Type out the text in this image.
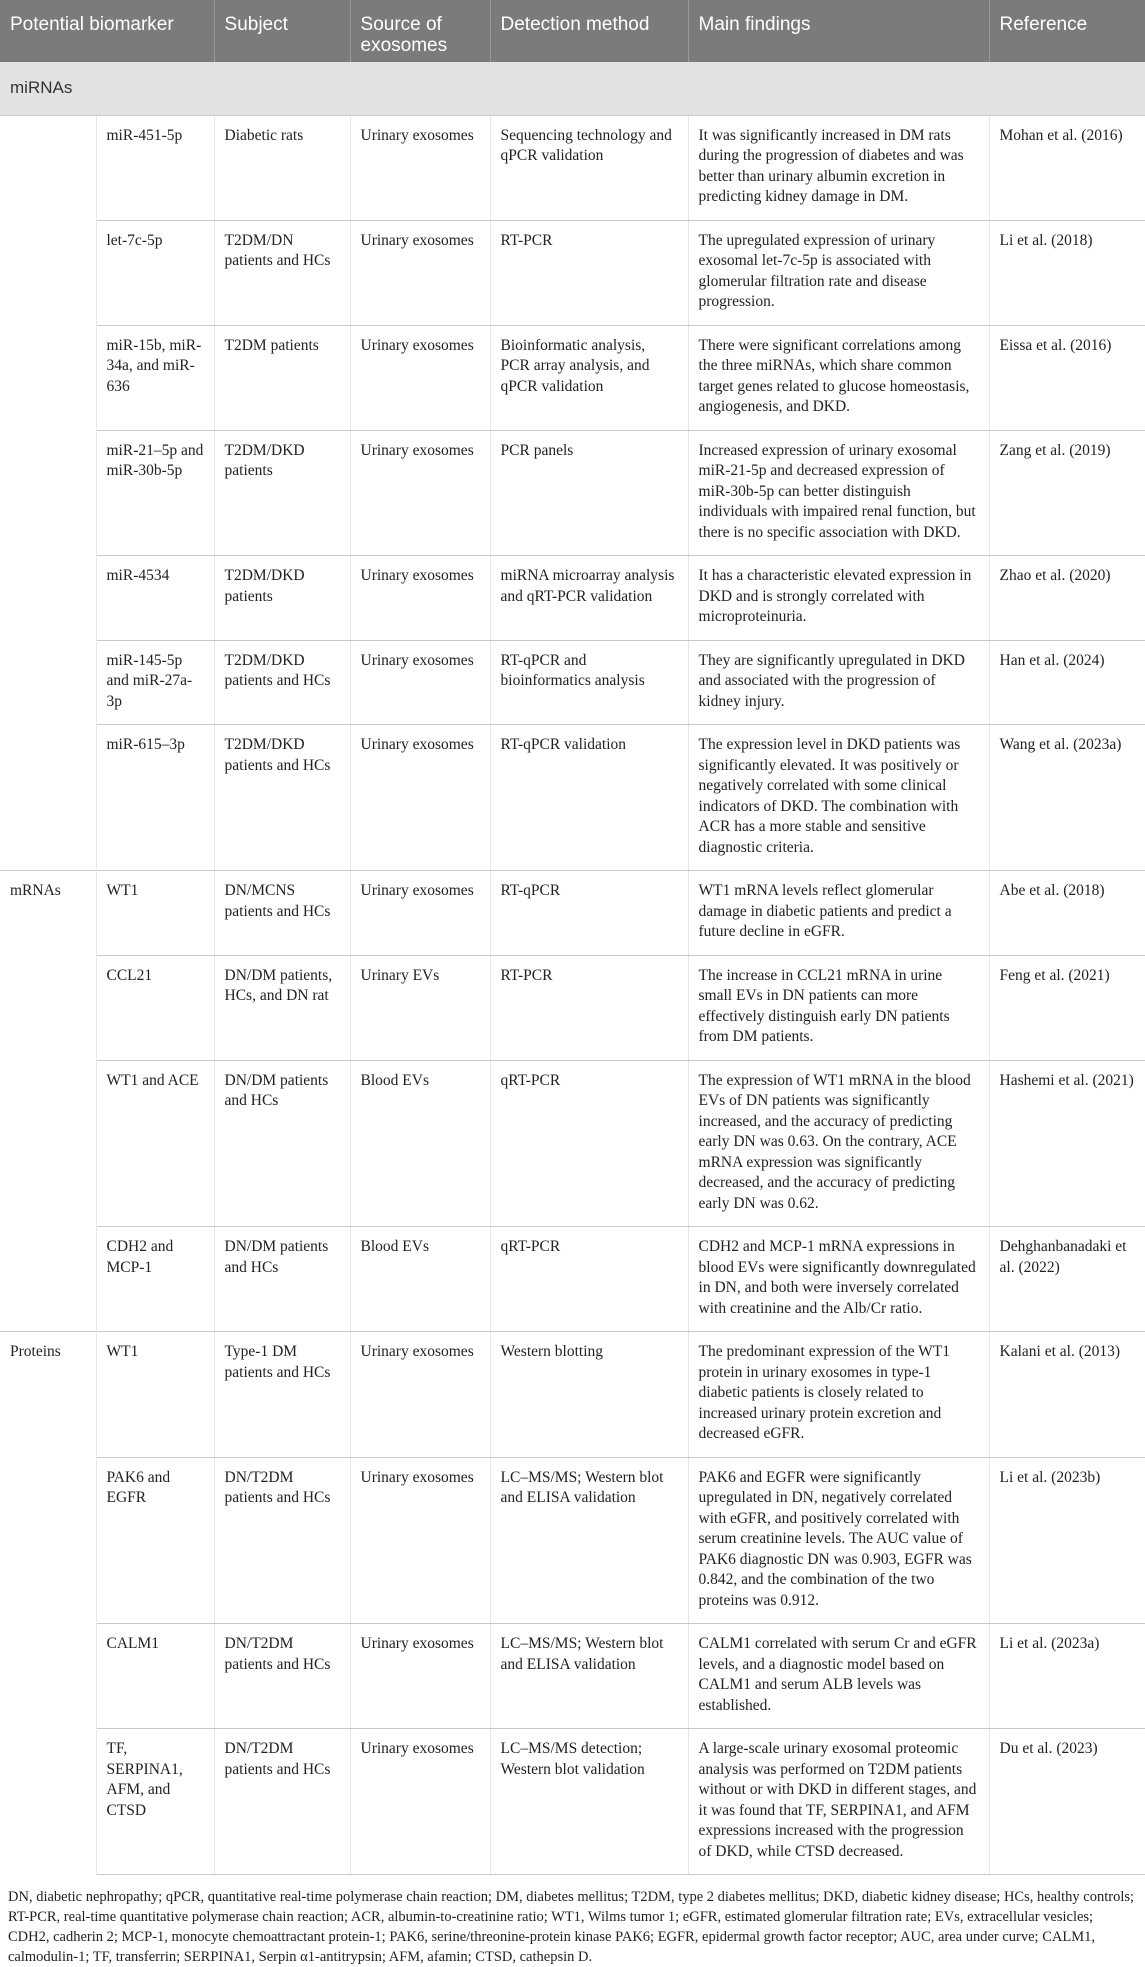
Potential biomarker		Subject	Source of exosomes	Detection method	Main findings	Reference
miRNAs						
	miR-451-5p	Diabetic rats	Urinary exosomes	Sequencing technology and qPCR validation	It was significantly increased in DM rats during the progression of diabetes and was better than urinary albumin excretion in predicting kidney damage in DM.	Mohan et al. (2016)
	let-7c-5p	T2DM/DN patients and HCs	Urinary exosomes	RT-PCR	The upregulated expression of urinary exosomal let-7c-5p is associated with glomerular filtration rate and disease progression.	Li et al. (2018)
	miR-15b, miR-34a, and miR-636	T2DM patients	Urinary exosomes	Bioinformatic analysis, PCR array analysis, and qPCR validation	There were significant correlations among the three miRNAs, which share common target genes related to glucose homeostasis, angiogenesis, and DKD.	Eissa et al. (2016)
	miR-21–5p and miR-30b-5p	T2DM/DKD patients	Urinary exosomes	PCR panels	Increased expression of urinary exosomal miR-21-5p and decreased expression of miR-30b-5p can better distinguish individuals with impaired renal function, but there is no specific association with DKD.	Zang et al. (2019)
	miR-4534	T2DM/DKD patients	Urinary exosomes	miRNA microarray analysis and qRT-PCR validation	It has a characteristic elevated expression in DKD and is strongly correlated with microproteinuria.	Zhao et al. (2020)
	miR-145-5p and miR-27a-3p	T2DM/DKD patients and HCs	Urinary exosomes	RT-qPCR and bioinformatics analysis	They are significantly upregulated in DKD and associated with the progression of kidney injury.	Han et al. (2024)
	miR-615–3p	T2DM/DKD patients and HCs	Urinary exosomes	RT-qPCR validation	The expression level in DKD patients was significantly elevated. It was positively or negatively correlated with some clinical indicators of DKD. The combination with ACR has a more stable and sensitive diagnostic criteria.	Wang et al. (2023a)
mRNAs	WT1	DN/MCNS patients and HCs	Urinary exosomes	RT-qPCR	WT1 mRNA levels reflect glomerular damage in diabetic patients and predict a future decline in eGFR.	Abe et al. (2018)
	CCL21	DN/DM patients, HCs, and DN rat	Urinary EVs	RT-PCR	The increase in CCL21 mRNA in urine small EVs in DN patients can more effectively distinguish early DN patients from DM patients.	Feng et al. (2021)
	WT1 and ACE	DN/DM patients and HCs	Blood EVs	qRT-PCR	The expression of WT1 mRNA in the blood EVs of DN patients was significantly increased, and the accuracy of predicting early DN was 0.63. On the contrary, ACE mRNA expression was significantly decreased, and the accuracy of predicting early DN was 0.62.	Hashemi et al. (2021)
	CDH2 and MCP-1	DN/DM patients and HCs	Blood EVs	qRT-PCR	CDH2 and MCP-1 mRNA expressions in blood EVs were significantly downregulated in DN, and both were inversely correlated with creatinine and the Alb/Cr ratio.	Dehghanbanadaki et al. (2022)
Proteins	WT1	Type-1 DM patients and HCs	Urinary exosomes	Western blotting	The predominant expression of the WT1 protein in urinary exosomes in type-1 diabetic patients is closely related to increased urinary protein excretion and decreased eGFR.	Kalani et al. (2013)
	PAK6 and EGFR	DN/T2DM patients and HCs	Urinary exosomes	LC–MS/MS; Western blot and ELISA validation	PAK6 and EGFR were significantly upregulated in DN, negatively correlated with eGFR, and positively correlated with serum creatinine levels. The AUC value of PAK6 diagnostic DN was 0.903, EGFR was 0.842, and the combination of the two proteins was 0.912.	Li et al. (2023b)
	CALM1	DN/T2DM patients and HCs	Urinary exosomes	LC–MS/MS; Western blot and ELISA validation	CALM1 correlated with serum Cr and eGFR levels, and a diagnostic model based on CALM1 and serum ALB levels was established.	Li et al. (2023a)
	TF, SERPINA1, AFM, and CTSD	DN/T2DM patients and HCs	Urinary exosomes	LC–MS/MS detection; Western blot validation	A large-scale urinary exosomal proteomic analysis was performed on T2DM patients without or with DKD in different stages, and it was found that TF, SERPINA1, and AFM expressions increased with the progression of DKD, while CTSD decreased.	Du et al. (2023)
DN, diabetic nephropathy; qPCR, quantitative real-time polymerase chain reaction; DM, diabetes mellitus; T2DM, type 2 diabetes mellitus; DKD, diabetic kidney disease; HCs, healthy controls; RT-PCR, real-time quantitative polymerase chain reaction; ACR, albumin-to-creatinine ratio; WT1, Wilms tumor 1; eGFR, estimated glomerular filtration rate; EVs, extracellular vesicles; CDH2, cadherin 2; MCP-1, monocyte chemoattractant protein-1; PAK6, serine/threonine-protein kinase PAK6; EGFR, epidermal growth factor receptor; AUC, area under curve; CALM1, calmodulin-1; TF, transferrin; SERPINA1, Serpin α1-antitrypsin; AFM, afamin; CTSD, cathepsin D.
